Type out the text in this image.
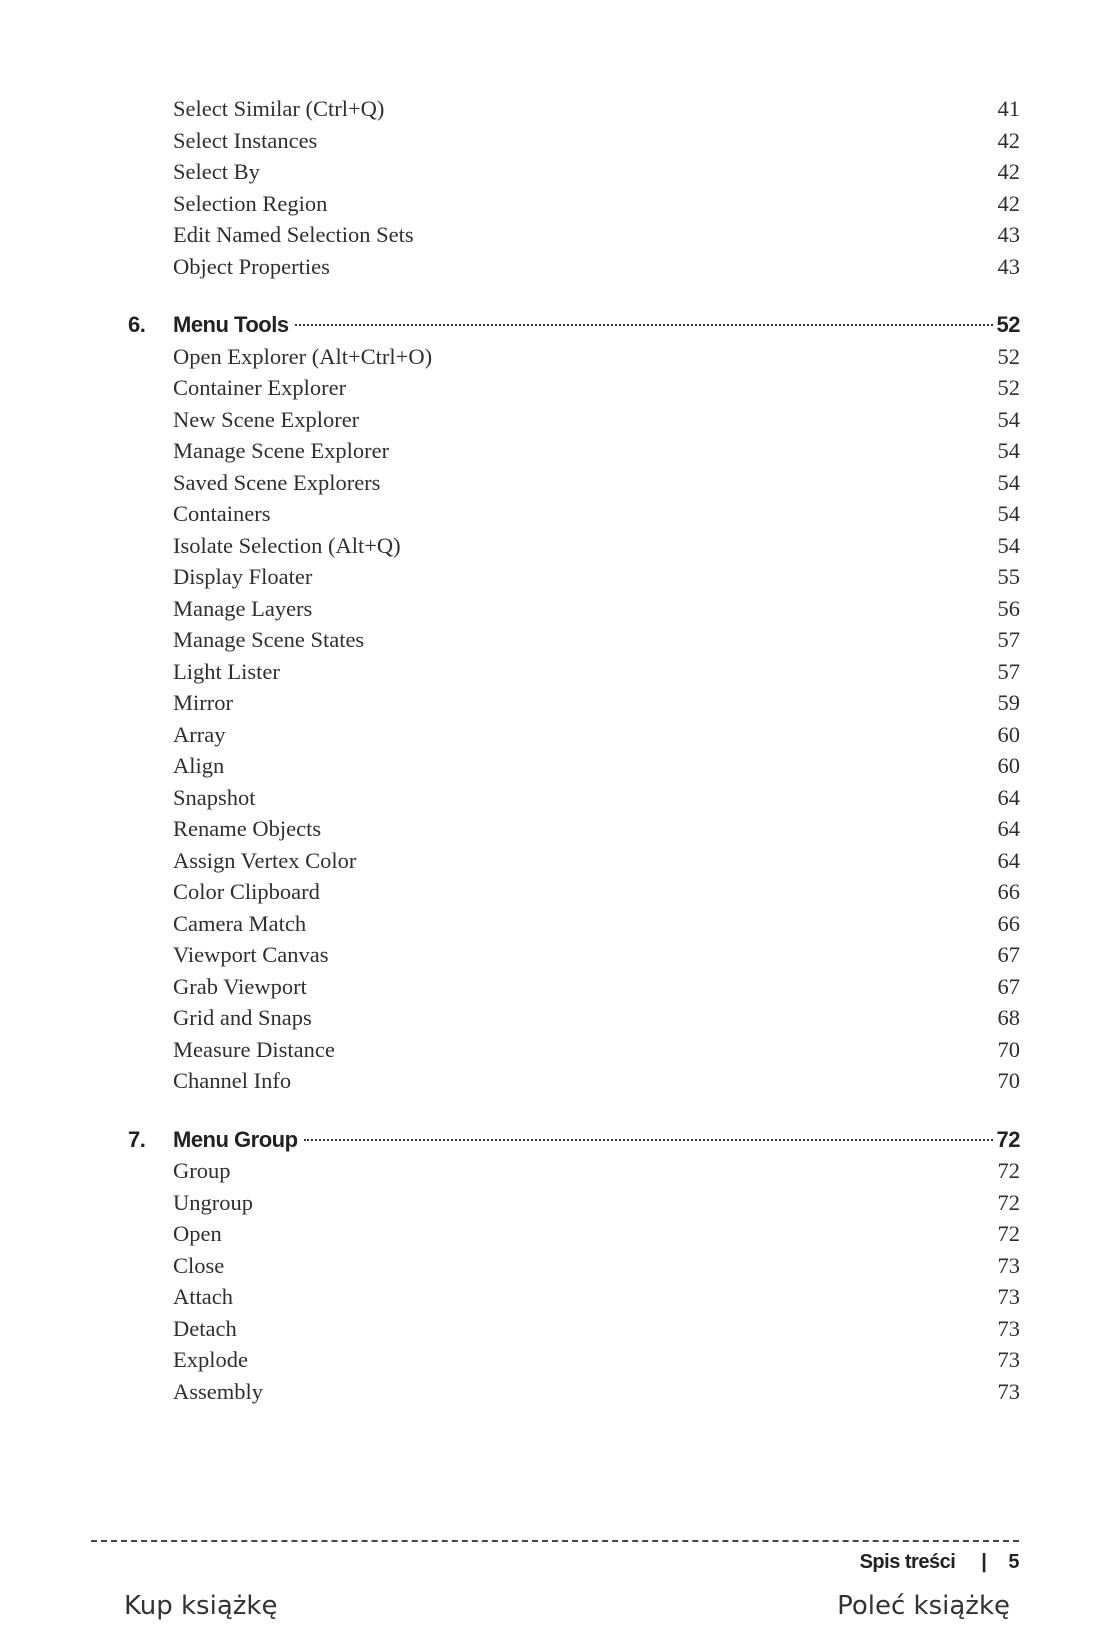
Select Similar (Ctrl+Q)	41
Select Instances	42
Select By	42
Selection Region	42
Edit Named Selection Sets	43
Object Properties	43
6. Menu Tools	52
Open Explorer (Alt+Ctrl+O)	52
Container Explorer	52
New Scene Explorer	54
Manage Scene Explorer	54
Saved Scene Explorers	54
Containers	54
Isolate Selection (Alt+Q)	54
Display Floater	55
Manage Layers	56
Manage Scene States	57
Light Lister	57
Mirror	59
Array	60
Align	60
Snapshot	64
Rename Objects	64
Assign Vertex Color	64
Color Clipboard	66
Camera Match	66
Viewport Canvas	67
Grab Viewport	67
Grid and Snaps	68
Measure Distance	70
Channel Info	70
7. Menu Group	72
Group	72
Ungroup	72
Open	72
Close	73
Attach	73
Detach	73
Explode	73
Assembly	73
Spis treści | 5
Kup książkę	Poleć książkę
